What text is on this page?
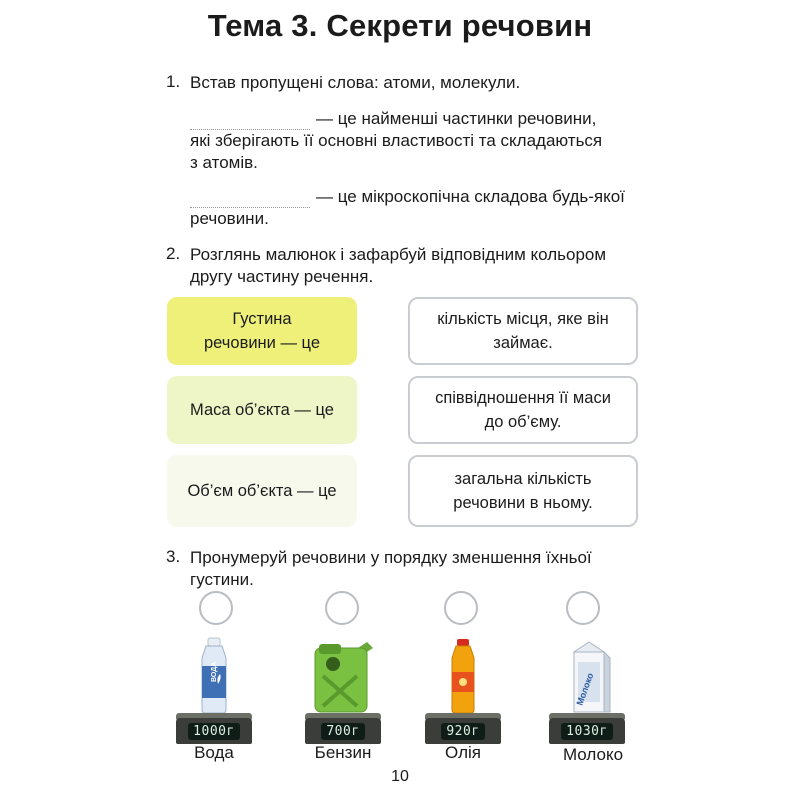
Тема 3. Секрети речовин
1. Встав пропущені слова: атоми, молекули.
— це найменші частинки речовини,
які зберігають її основні властивості та складаються
з атомів.
— це мікроскопічна складова будь-якої
речовини.
2. Розглянь малюнок і зафарбуй відповідним кольором
другу частину речення.
Густина
речовини — це
Маса об’єкта — це
Об’єм об’єкта — це
кількість місця, яке він
займає.
співвідношення її маси
до об’єму.
загальна кількість
речовини в ньому.
3. Пронумеруй речовини у порядку зменшення їхньої
густини.
ВОДА
1000г
Вода
700г
Бензин
920г
Олія
Молоко
1030г
Молоко
10
